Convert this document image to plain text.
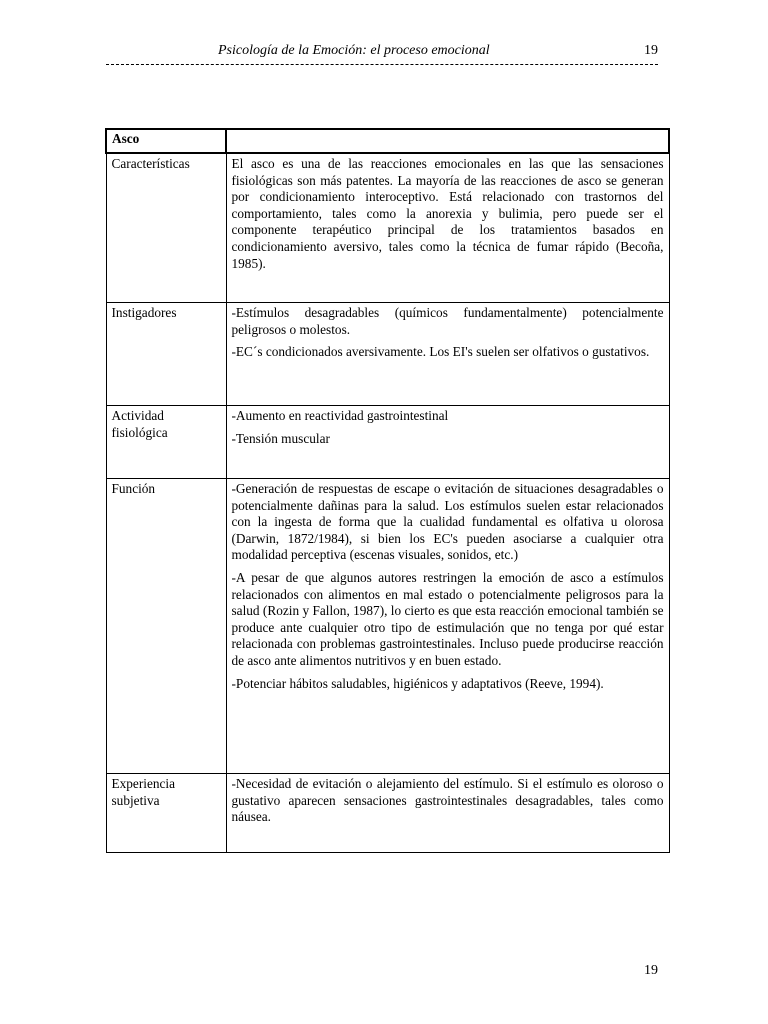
Psicología de la Emoción: el proceso emocional	19
Asco	
Características	El asco es una de las reacciones emocionales en las que las sensaciones fisiológicas son más patentes. La mayoría de las reacciones de asco se generan por condicionamiento interoceptivo. Está relacionado con trastornos del comportamiento, tales como la anorexia y bulimia, pero puede ser el componente terapéutico principal de los tratamientos basados en condicionamiento aversivo, tales como la técnica de fumar rápido (Becoña, 1985).

Instigadores	-Estímulos desagradables (químicos fundamentalmente) potencialmente peligrosos o molestos.

-EC´s condicionados aversivamente. Los EI's suelen ser olfativos o gustativos.

Actividad fisiológica	-Aumento en reactividad gastrointestinal

-Tensión muscular

Función	-Generación de respuestas de escape o evitación de situaciones desagradables o potencialmente dañinas para la salud. Los estímulos suelen estar relacionados con la ingesta de forma que la cualidad fundamental es olfativa u olorosa (Darwin, 1872/1984), si bien los EC's pueden asociarse a cualquier otra modalidad perceptiva (escenas visuales, sonidos, etc.)

-A pesar de que algunos autores restringen la emoción de asco a estímulos relacionados con alimentos en mal estado o potencialmente peligrosos para la salud (Rozin y Fallon, 1987), lo cierto es que esta reacción emocional también se produce ante cualquier otro tipo de estimulación que no tenga por qué estar relacionada con problemas gastrointestinales. Incluso puede producirse reacción de asco ante alimentos nutritivos y en buen estado.

-Potenciar hábitos saludables, higiénicos y adaptativos (Reeve, 1994).

Experiencia subjetiva	-Necesidad de evitación o alejamiento del estímulo. Si el estímulo es oloroso o gustativo aparecen sensaciones gastrointestinales desagradables, tales como náusea.

19
